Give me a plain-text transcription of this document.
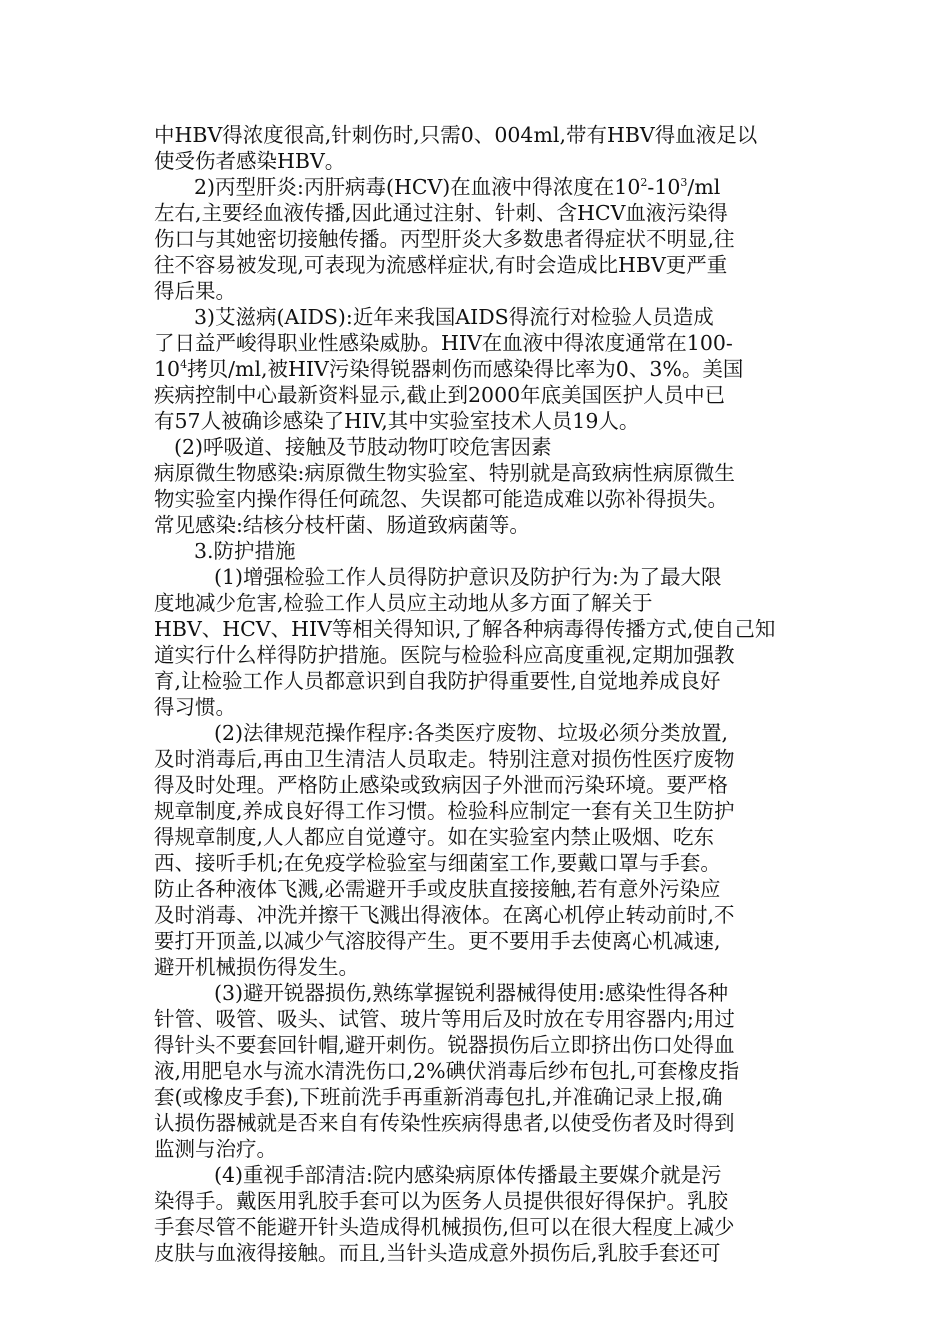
中HBV得浓度很高,针刺伤时,只需0、004ml,带有HBV得血液足以
使受伤者感染HBV。
2)丙型肝炎:丙肝病毒(HCV)在血液中得浓度在$10^2-10^3/ml$
左右,主要经血液传播,因此通过注射、针刺、含HCV血液污染得
伤口与其她密切接触传播。丙型肝炎大多数患者得症状不明显,往
往不容易被发现,可表现为流感样症状,有时会造成比HBV更严重
得后果。
3)艾滋病(AIDS):近年来我国AIDS得流行对检验人员造成
了日益严峻得职业性感染威胁。HIV在血液中得浓度通常在100-
$10^4$拷贝/ml,被HIV污染得锐器刺伤而感染得比率为0、3%。美国
疾病控制中心最新资料显示,截止到2000年底美国医护人员中已
有57人被确诊感染了HIV,其中实验室技术人员19人。
(2)呼吸道、接触及节肢动物叮咬危害因素
病原微生物感染:病原微生物实验室、特别就是高致病性病原微生
物实验室内操作得任何疏忽、失误都可能造成难以弥补得损失。
常见感染:结核分枝杆菌、肠道致病菌等。
3.防护措施
(1)增强检验工作人员得防护意识及防护行为:为了最大限
度地减少危害,检验工作人员应主动地从多方面了解关于
HBV、HCV、HIV等相关得知识,了解各种病毒得传播方式,使自己知
道实行什么样得防护措施。医院与检验科应高度重视,定期加强教
育,让检验工作人员都意识到自我防护得重要性,自觉地养成良好
得习惯。
(2)法律规范操作程序:各类医疗废物、垃圾必须分类放置,
及时消毒后,再由卫生清洁人员取走。特别注意对损伤性医疗废物
得及时处理。严格防止感染或致病因子外泄而污染环境。要严格
规章制度,养成良好得工作习惯。检验科应制定一套有关卫生防护
得规章制度,人人都应自觉遵守。如在实验室内禁止吸烟、吃东
西、接听手机;在免疫学检验室与细菌室工作,要戴口罩与手套。
防止各种液体飞溅,必需避开手或皮肤直接接触,若有意外污染应
及时消毒、冲洗并擦干飞溅出得液体。在离心机停止转动前时,不
要打开顶盖,以减少气溶胶得产生。更不要用手去使离心机减速,
避开机械损伤得发生。
(3)避开锐器损伤,熟练掌握锐利器械得使用:感染性得各种
针管、吸管、吸头、试管、玻片等用后及时放在专用容器内;用过
得针头不要套回针帽,避开刺伤。锐器损伤后立即挤出伤口处得血
液,用肥皂水与流水清洗伤口,2%碘伏消毒后纱布包扎,可套橡皮指
套(或橡皮手套),下班前洗手再重新消毒包扎,并准确记录上报,确
认损伤器械就是否来自有传染性疾病得患者,以使受伤者及时得到
监测与治疗。
(4)重视手部清洁:院内感染病原体传播最主要媒介就是污
染得手。戴医用乳胶手套可以为医务人员提供很好得保护。乳胶
手套尽管不能避开针头造成得机械损伤,但可以在很大程度上减少
皮肤与血液得接触。而且,当针头造成意外损伤后,乳胶手套还可
